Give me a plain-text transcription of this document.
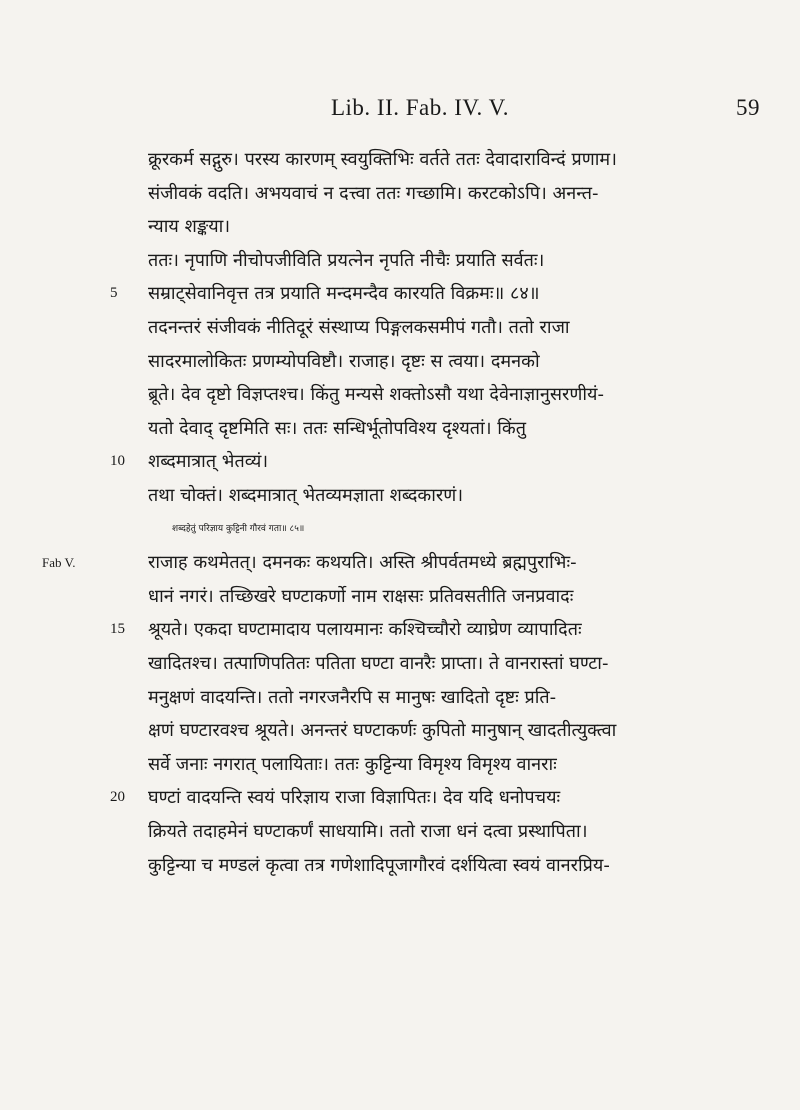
Lib. II. Fab. IV. V.	59
क्रूरकर्म सद्गुरु। परस्य कारणम् स्वयुक्तिभिः वर्तते ततः देवादाराविन्दं प्रणाम।
संजीवकं वदति। अभयवाचं न दत्त्वा ततः गच्छामि। करटकोऽपि। अनन्त-
न्याय शङ्कया।
ततः। नृपाणि नीचोपजीविति प्रयत्नेन नृपति नीचैः प्रयाति सर्वतः।
5	सम्राट्सेवानिवृत्त तत्र प्रयाति मन्दमन्दैव कारयति विक्रमः॥ ८४॥
तदनन्तरं संजीवकं नीतिदूरं संस्थाप्य पिङ्गलकसमीपं गतौ। ततो राजा
सादरमालोकितः प्रणम्योपविष्टौ। राजाह। दृष्टः स त्वया। दमनको
ब्रूते। देव दृष्टो विज्ञप्तश्च। किंतु मन्यसे शक्तोऽसौ यथा देवेनाज्ञानुसरणीयं-
यतो देवाद् दृष्टमिति सः। ततः सन्धिर्भूतोपविश्य दृश्यतां। किंतु
10	शब्दमात्रात् भेतव्यं।
तथा चोक्तं। शब्दमात्रात् भेतव्यमज्ञाता शब्दकारणं।
शब्दहेतुं परिज्ञाय कुट्टिनी गौरवं गता॥ ८५॥
Fab V.	राजाह कथमेतत्। दमनकः कथयति। अस्ति श्रीपर्वतमध्ये ब्रह्मपुराभिः-
धानं नगरं। तच्छिखरे घण्टाकर्णो नाम राक्षसः प्रतिवसतीति जनप्रवादः
15	श्रूयते। एकदा घण्टामादाय पलायमानः कश्चिच्चौरो व्याघ्रेण व्यापादितः
खादितश्च। तत्पाणिपतितः पतिता घण्टा वानरैः प्राप्ता। ते वानरास्तां घण्टा-
मनुक्षणं वादयन्ति। ततो नगरजनैरपि स मानुषः खादितो दृष्टः प्रति-
क्षणं घण्टारवश्च श्रूयते। अनन्तरं घण्टाकर्णः कुपितो मानुषान् खादतीत्युक्त्वा
सर्वे जनाः नगरात् पलायिताः। ततः कुट्टिन्या विमृश्य विमृश्य वानराः
20	घण्टां वादयन्ति स्वयं परिज्ञाय राजा विज्ञापितः। देव यदि धनोपचयः
क्रियते तदाहमेनं घण्टाकर्णं साधयामि। ततो राजा धनं दत्वा प्रस्थापिता।
कुट्टिन्या च मण्डलं कृत्वा तत्र गणेशादिपूजागौरवं दर्शयित्वा स्वयं वानरप्रिय-
